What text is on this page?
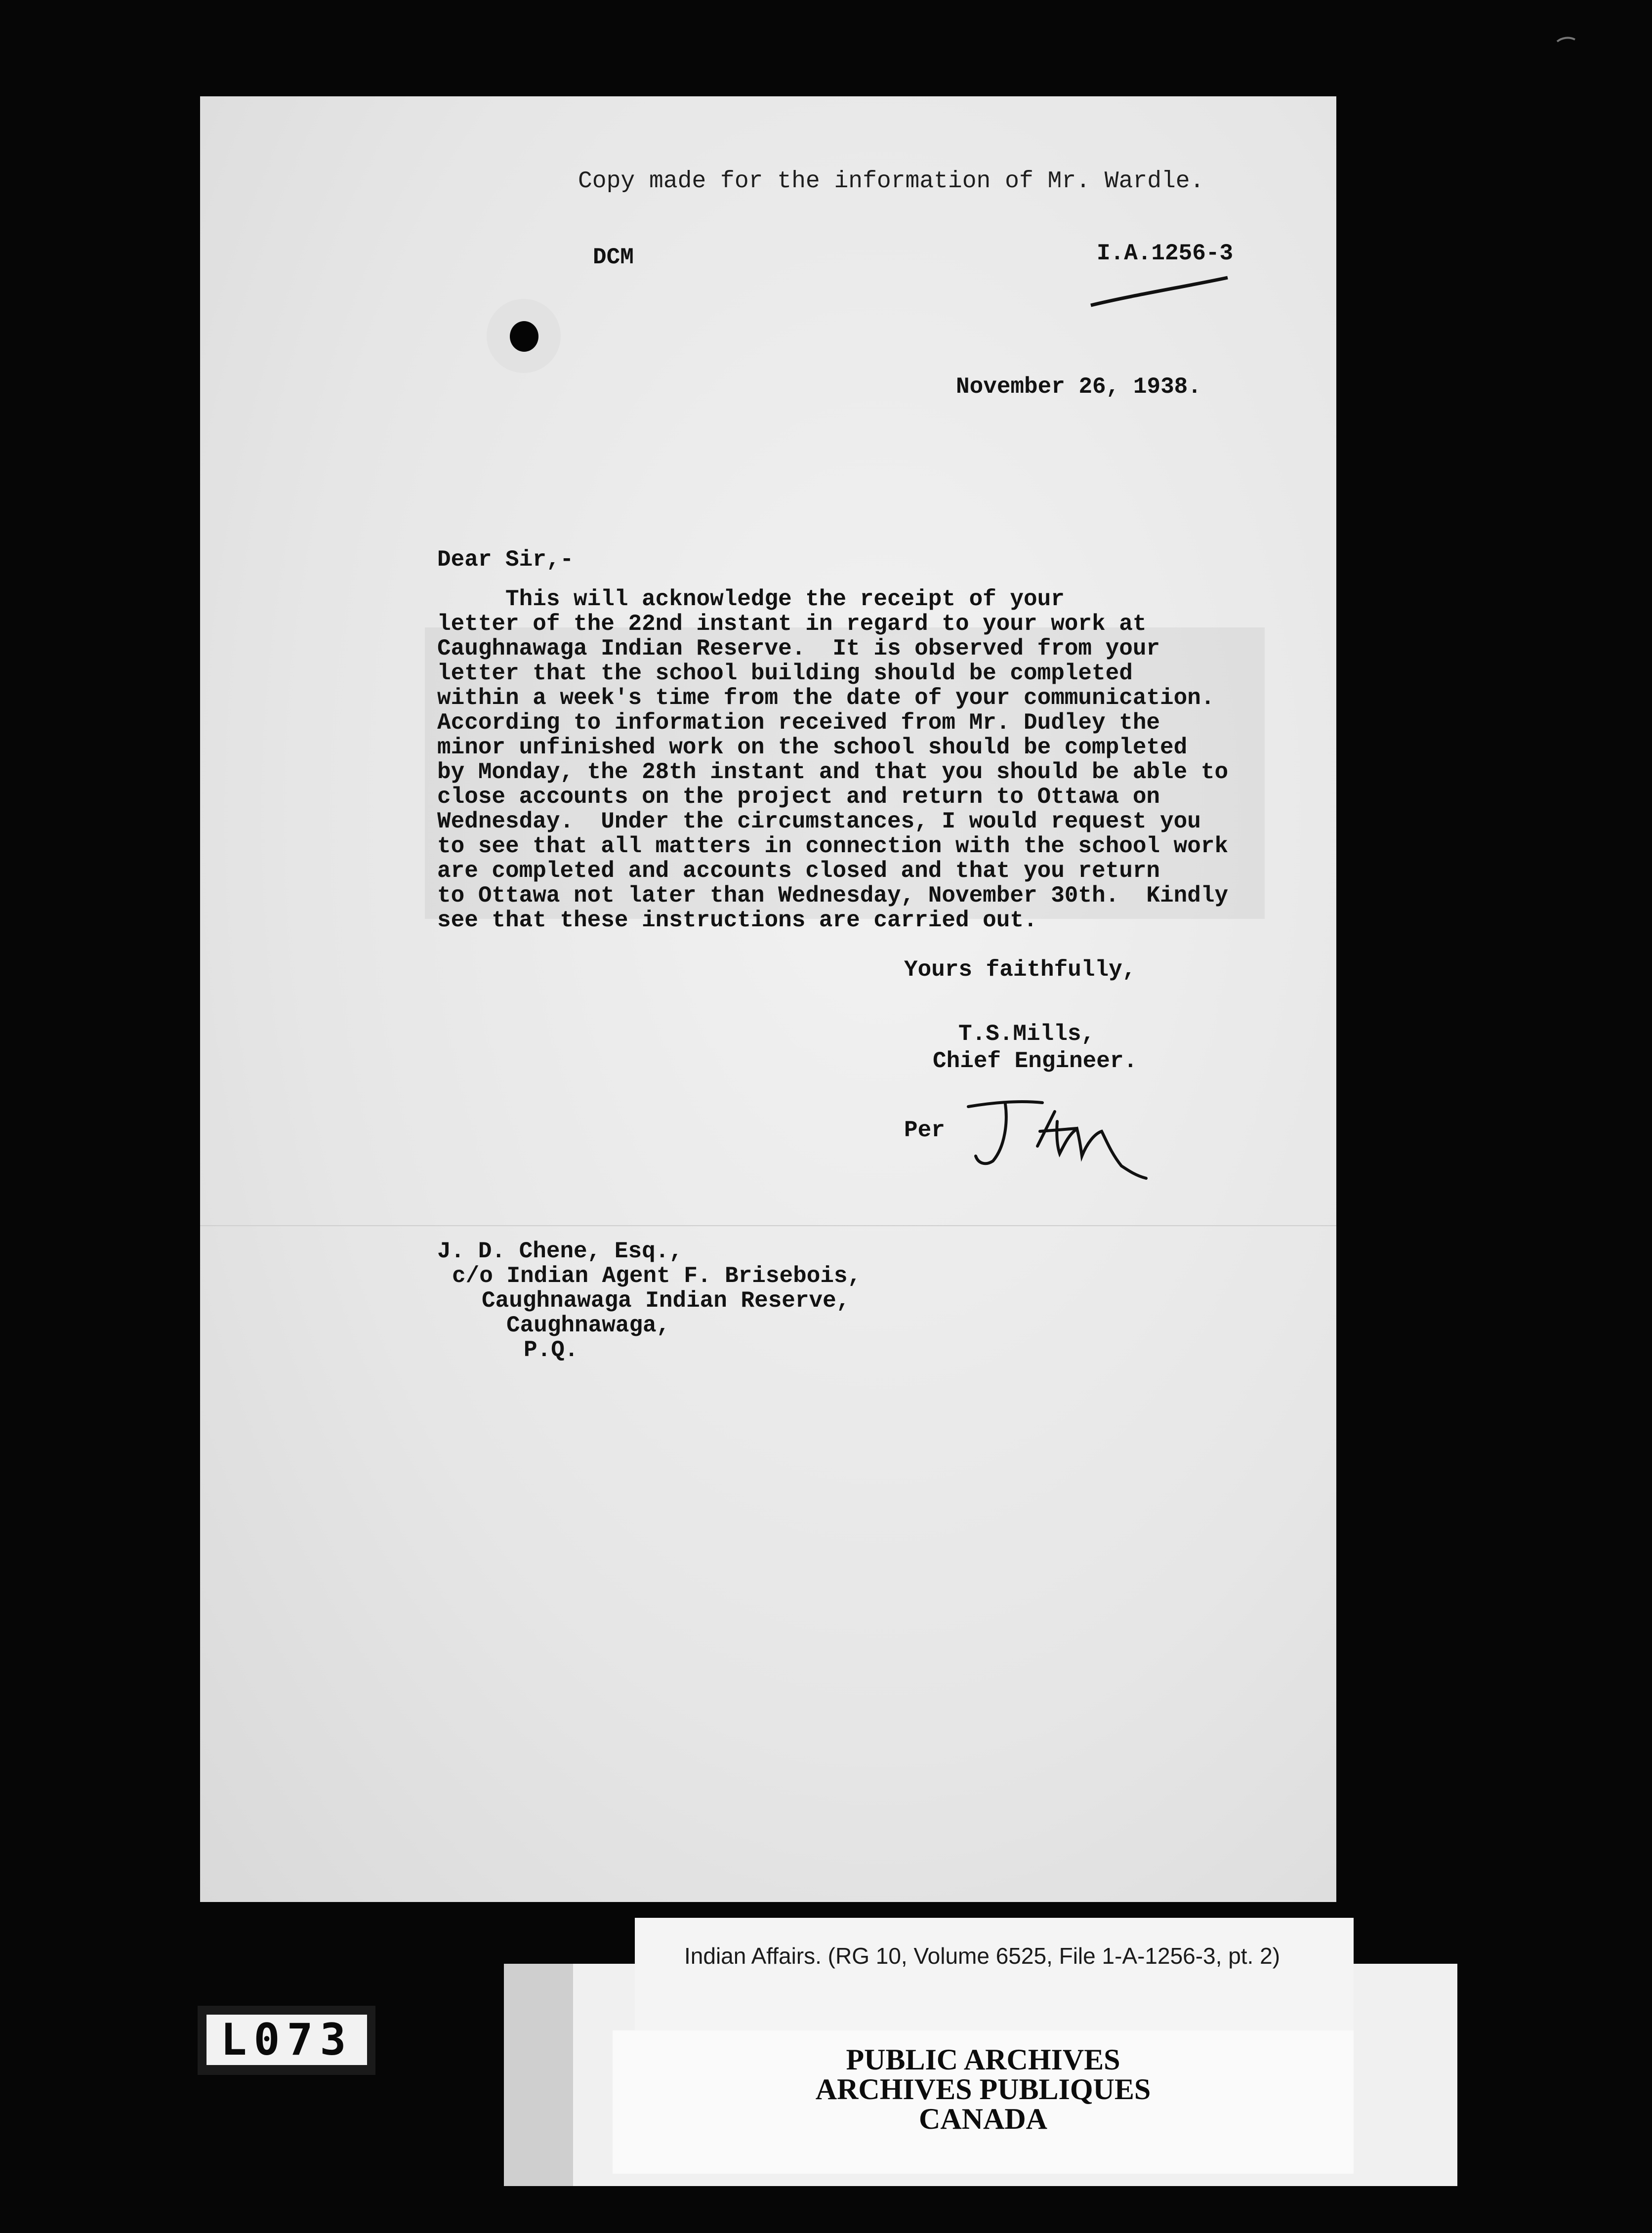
Copy made for the information of Mr. Wardle.
DCM	I.A.1256-3
November 26, 1938.
Dear Sir,-
This will acknowledge the receipt of your
letter of the 22nd instant in regard to your work at
Caughnawaga Indian Reserve.  It is observed from your
letter that the school building should be completed
within a week's time from the date of your communication.
According to information received from Mr. Dudley the
minor unfinished work on the school should be completed
by Monday, the 28th instant and that you should be able to
close accounts on the project and return to Ottawa on
Wednesday.  Under the circumstances, I would request you
to see that all matters in connection with the school work
are completed and accounts closed and that you return
to Ottawa not later than Wednesday, November 30th.  Kindly
see that these instructions are carried out.
Yours faithfully,
T.S.Mills,
Chief Engineer.
Per
J. D. Chene, Esq.,
c/o Indian Agent F. Brisebois,
Caughnawaga Indian Reserve,
Caughnawaga,
P.Q.
Indian Affairs. (RG 10, Volume 6525, File 1-A-1256-3, pt. 2)
PUBLIC ARCHIVES
ARCHIVES PUBLIQUES
CANADA
L073
